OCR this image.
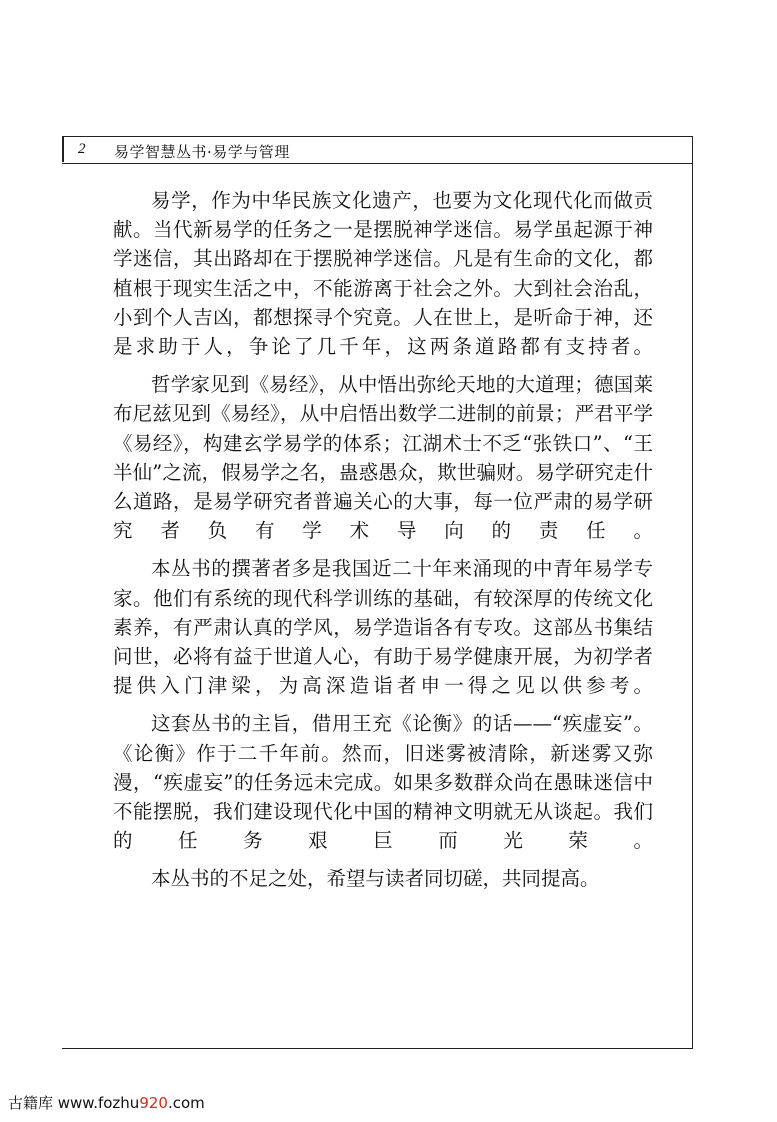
2 易学智慧丛书·易学与管理

易学，作为中华民族文化遗产，也要为文化现代化而做贡献。当代新易学的任务之一是摆脱神学迷信。易学虽起源于神学迷信，其出路却在于摆脱神学迷信。凡是有生命的文化，都植根于现实生活之中，不能游离于社会之外。大到社会治乱，小到个人吉凶，都想探寻个究竟。人在世上，是听命于神，还是求助于人，争论了几千年，这两条道路都有支持者。

哲学家见到《易经》，从中悟出弥纶天地的大道理；德国莱布尼兹见到《易经》，从中启悟出数学二进制的前景；严君平学《易经》，构建玄学易学的体系；江湖术士不乏“张铁口”、“王半仙”之流，假易学之名，蛊惑愚众，欺世骗财。易学研究走什么道路，是易学研究者普遍关心的大事，每一位严肃的易学研究者负有学术导向的责任。

本丛书的撰著者多是我国近二十年来涌现的中青年易学专家。他们有系统的现代科学训练的基础，有较深厚的传统文化素养，有严肃认真的学风，易学造诣各有专攻。这部丛书集结问世，必将有益于世道人心，有助于易学健康开展，为初学者提供入门津梁，为高深造诣者申一得之见以供参考。

这套丛书的主旨，借用王充《论衡》的话——“疾虚妄”。《论衡》作于二千年前。然而，旧迷雾被清除，新迷雾又弥漫，“疾虚妄”的任务远未完成。如果多数群众尚在愚昧迷信中不能摆脱，我们建设现代化中国的精神文明就无从谈起。我们的任务艰巨而光荣。

本丛书的不足之处，希望与读者同切磋，共同提高。

古籍库 www.fozhu920.com
